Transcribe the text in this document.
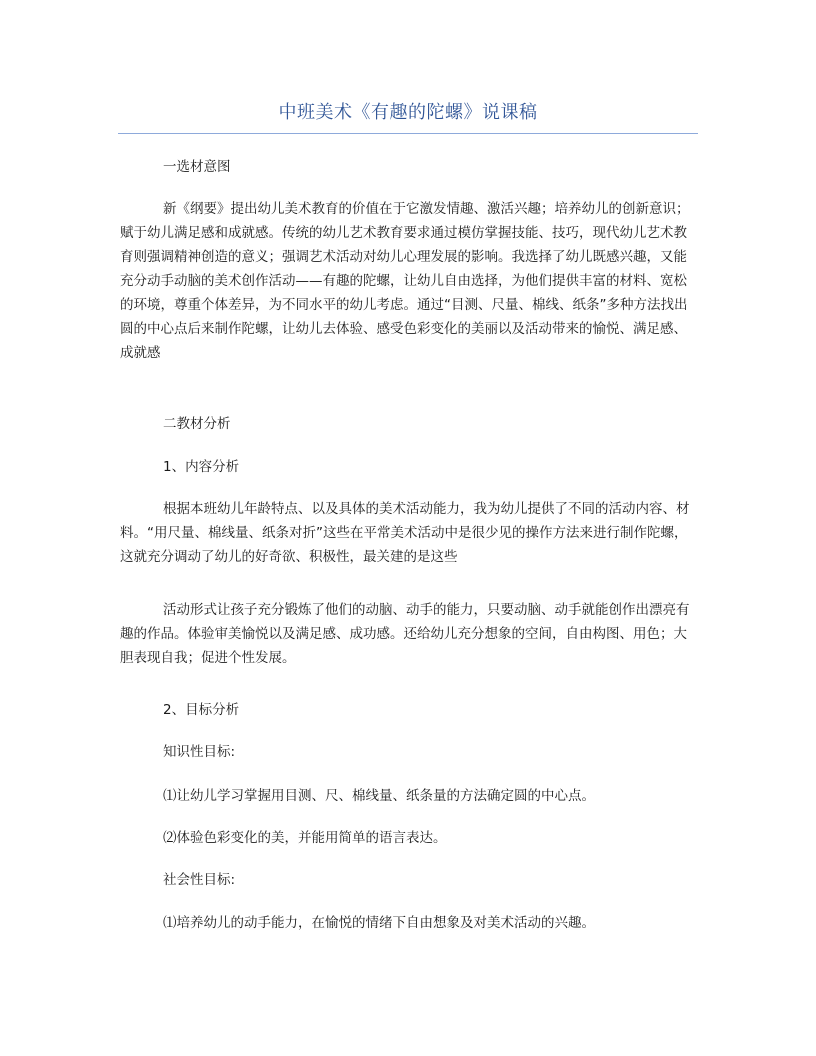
中班美术《有趣的陀螺》说课稿

一选材意图

新《纲要》提出幼儿美术教育的价值在于它激发情趣、激活兴趣；培养幼儿的创新意识；赋于幼儿满足感和成就感。传统的幼儿艺术教育要求通过模仿掌握技能、技巧，现代幼儿艺术教育则强调精神创造的意义；强调艺术活动对幼儿心理发展的影响。我选择了幼儿既感兴趣，又能充分动手动脑的美术创作活动——有趣的陀螺，让幼儿自由选择，为他们提供丰富的材料、宽松的环境，尊重个体差异，为不同水平的幼儿考虑。通过“目测、尺量、棉线、纸条”多种方法找出圆的中心点后来制作陀螺，让幼儿去体验、感受色彩变化的美丽以及活动带来的愉悦、满足感、成就感

二教材分析

1、内容分析

根据本班幼儿年龄特点、以及具体的美术活动能力，我为幼儿提供了不同的活动内容、材料。“用尺量、棉线量、纸条对折”这些在平常美术活动中是很少见的操作方法来进行制作陀螺，这就充分调动了幼儿的好奇欲、积极性，最关建的是这些

活动形式让孩子充分锻炼了他们的动脑、动手的能力，只要动脑、动手就能创作出漂亮有趣的作品。体验审美愉悦以及满足感、成功感。还给幼儿充分想象的空间，自由构图、用色；大胆表现自我；促进个性发展。

2、目标分析

知识性目标:

⑴让幼儿学习掌握用目测、尺、棉线量、纸条量的方法确定圆的中心点。

⑵体验色彩变化的美，并能用简单的语言表达。

社会性目标:

⑴培养幼儿的动手能力，在愉悦的情绪下自由想象及对美术活动的兴趣。
